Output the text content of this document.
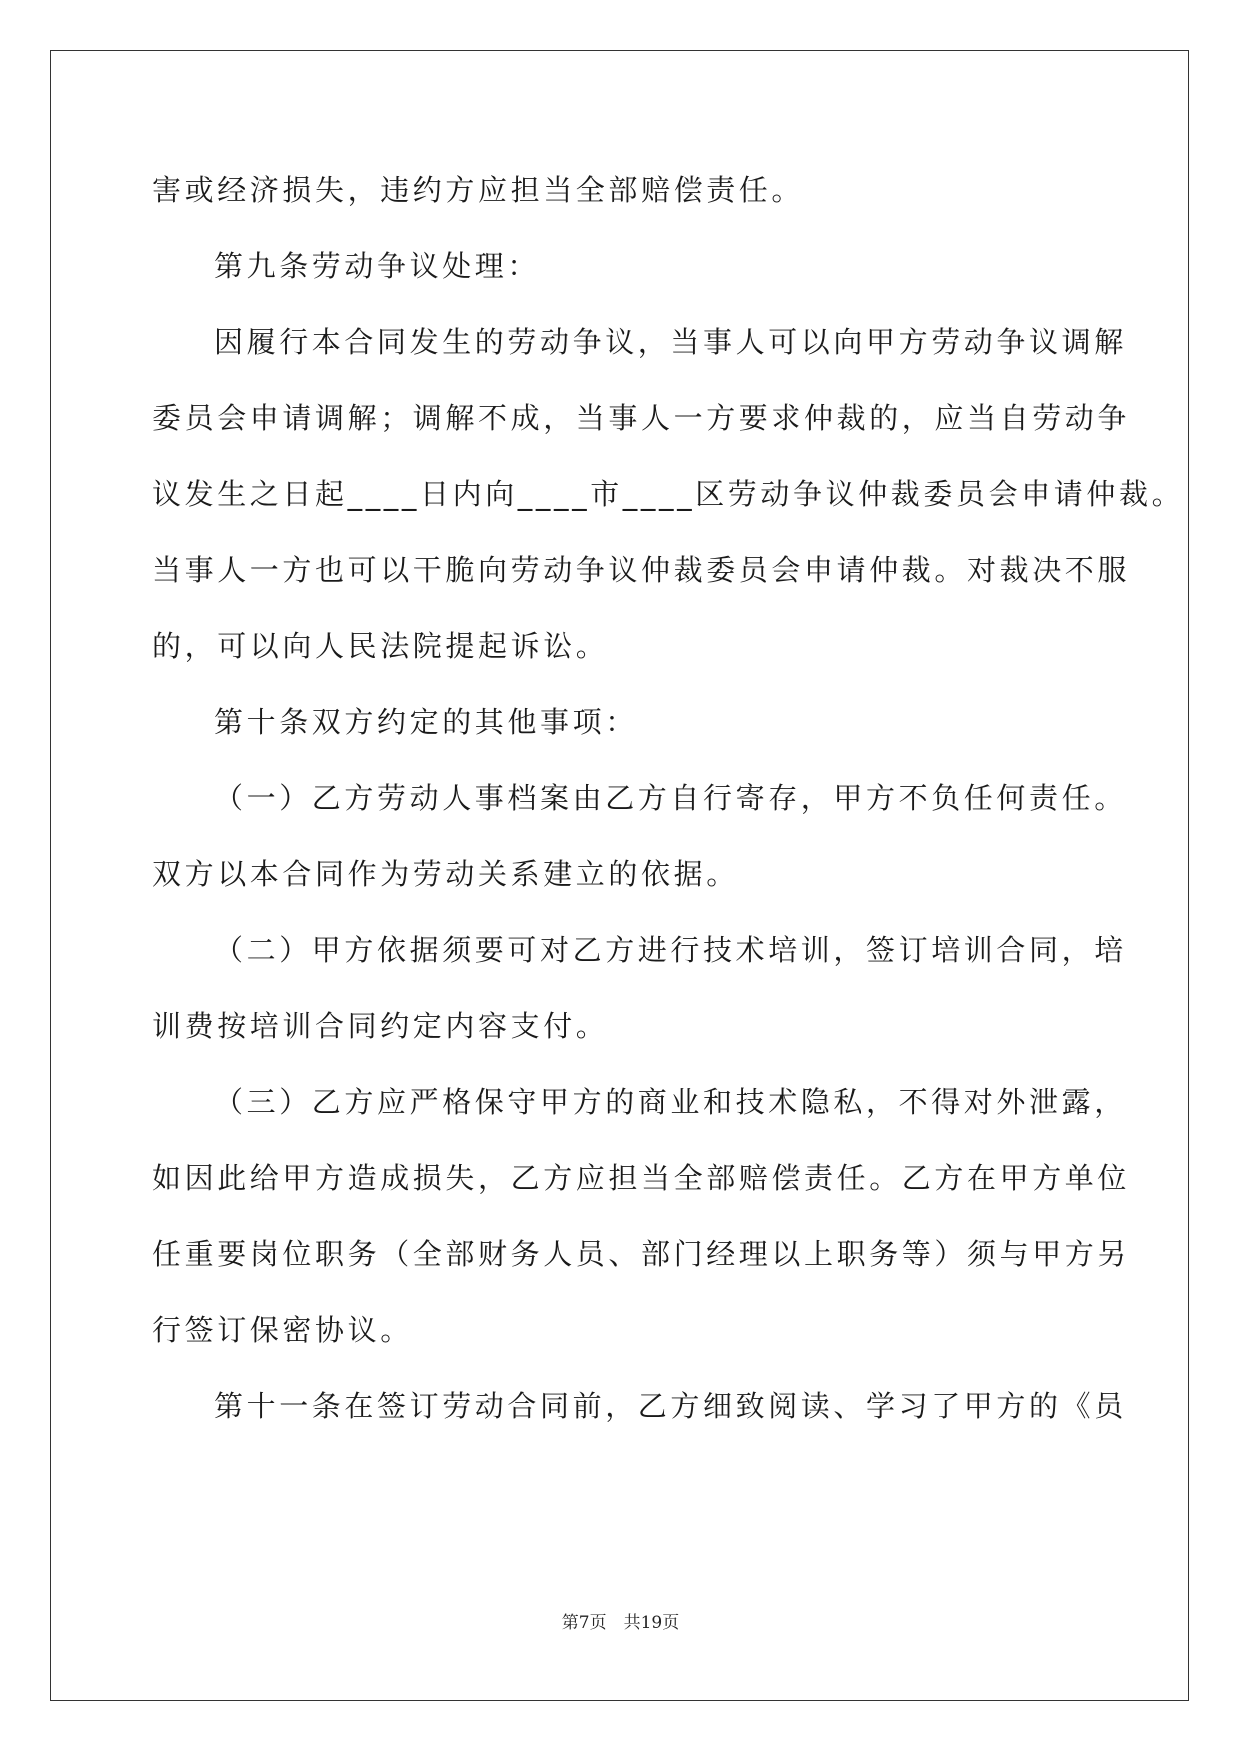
害或经济损失，违约方应担当全部赔偿责任。
第九条劳动争议处理：
因履行本合同发生的劳动争议，当事人可以向甲方劳动争议调解
委员会申请调解；调解不成，当事人一方要求仲裁的，应当自劳动争
议发生之日起____日内向____市____区劳动争议仲裁委员会申请仲裁。
当事人一方也可以干脆向劳动争议仲裁委员会申请仲裁。对裁决不服
的，可以向人民法院提起诉讼。
第十条双方约定的其他事项：
（一）乙方劳动人事档案由乙方自行寄存，甲方不负任何责任。
双方以本合同作为劳动关系建立的依据。
（二）甲方依据须要可对乙方进行技术培训，签订培训合同，培
训费按培训合同约定内容支付。
（三）乙方应严格保守甲方的商业和技术隐私，不得对外泄露，
如因此给甲方造成损失，乙方应担当全部赔偿责任。乙方在甲方单位
任重要岗位职务（全部财务人员、部门经理以上职务等）须与甲方另
行签订保密协议。
第十一条在签订劳动合同前，乙方细致阅读、学习了甲方的《员
第7页　共19页
